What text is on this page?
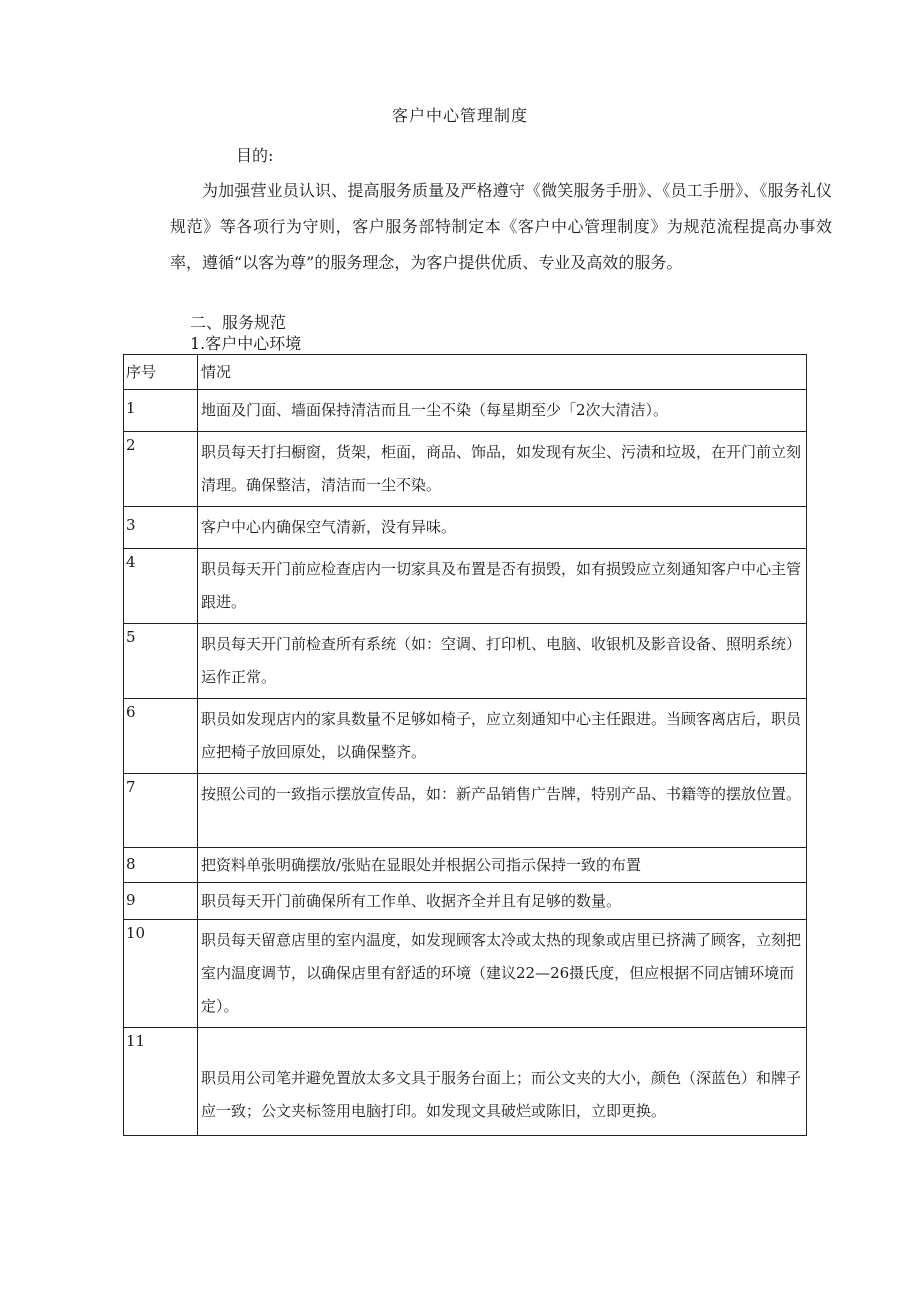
客户中心管理制度
目的:

为加强营业员认识、提高服务质量及严格遵守《微笑服务手册》、《员工手册》、《服务礼仪规范》等各项行为守则，客户服务部特制定本《客户中心管理制度》为规范流程提高办事效率，遵循“以客为尊”的服务理念，为客户提供优质、专业及高效的服务。

二、服务规范
1.客户中心环境
序号	情况
1	地面及门面、墙面保持清洁而且一尘不染（每星期至少「2次大清洁）。
2	职员每天打扫橱窗，货架，柜面，商品、饰品，如发现有灰尘、污渍和垃圾，在开门前立刻清理。确保整洁，清洁而一尘不染。
3	客户中心内确保空气清新，没有异味。
4	职员每天开门前应检查店内一切家具及布置是否有损毁，如有损毁应立刻通知客户中心主管跟进。
5	职员每天开门前检查所有系统（如：空调、打印机、电脑、收银机及影音设备、照明系统）运作正常。
6	职员如发现店内的家具数量不足够如椅子，应立刻通知中心主任跟进。当顾客离店后，职员应把椅子放回原处，以确保整齐。
7	按照公司的一致指示摆放宣传品，如：新产品销售广告牌，特别产品、书籍等的摆放位置。
8	把资料单张明确摆放/张贴在显眼处并根据公司指示保持一致的布置
9	职员每天开门前确保所有工作单、收据齐全并且有足够的数量。
10	职员每天留意店里的室内温度，如发现顾客太冷或太热的现象或店里已挤满了顾客，立刻把室内温度调节，以确保店里有舒适的环境（建议22—26摄氏度，但应根据不同店铺环境而定）。
11	职员用公司笔并避免置放太多文具于服务台面上；而公文夹的大小，颜色（深蓝色）和牌子应一致；公文夹标签用电脑打印。如发现文具破烂或陈旧，立即更换。
